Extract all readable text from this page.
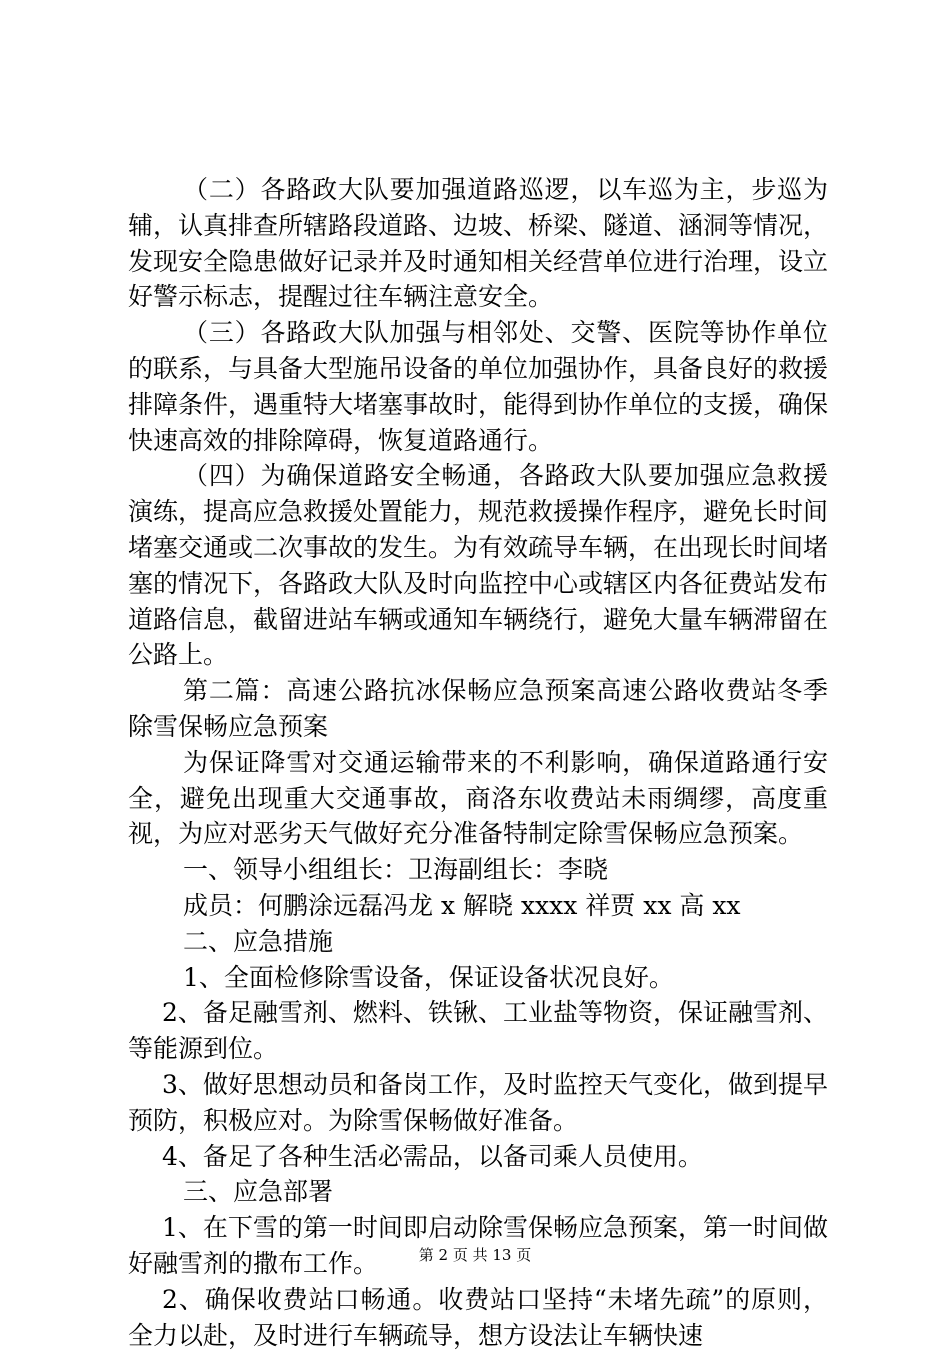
（二）各路政大队要加强道路巡逻，以车巡为主，步巡为辅，认真排查所辖路段道路、边坡、桥梁、隧道、涵洞等情况，发现安全隐患做好记录并及时通知相关经营单位进行治理，设立好警示标志，提醒过往车辆注意安全。

（三）各路政大队加强与相邻处、交警、医院等协作单位的联系，与具备大型施吊设备的单位加强协作，具备良好的救援排障条件，遇重特大堵塞事故时，能得到协作单位的支援，确保快速高效的排除障碍，恢复道路通行。

（四）为确保道路安全畅通，各路政大队要加强应急救援演练，提高应急救援处置能力，规范救援操作程序，避免长时间堵塞交通或二次事故的发生。为有效疏导车辆，在出现长时间堵塞的情况下，各路政大队及时向监控中心或辖区内各征费站发布道路信息，截留进站车辆或通知车辆绕行，避免大量车辆滞留在公路上。

第二篇：高速公路抗冰保畅应急预案高速公路收费站冬季除雪保畅应急预案

为保证降雪对交通运输带来的不利影响，确保道路通行安全，避免出现重大交通事故，商洛东收费站未雨绸缪，高度重视，为应对恶劣天气做好充分准备特制定除雪保畅应急预案。

一、领导小组组长：卫海副组长：李晓

成员：何鹏涂远磊冯龙 x 解晓 xxxx 祥贾 xx 高 xx

二、应急措施

1、全面检修除雪设备，保证设备状况良好。

2、备足融雪剂、燃料、铁锹、工业盐等物资，保证融雪剂、等能源到位。

3、做好思想动员和备岗工作，及时监控天气变化，做到提早预防，积极应对。为除雪保畅做好准备。

4、备足了各种生活必需品，以备司乘人员使用。

三、应急部署

1、在下雪的第一时间即启动除雪保畅应急预案，第一时间做好融雪剂的撒布工作。

2、确保收费站口畅通。收费站口坚持“未堵先疏”的原则，全力以赴，及时进行车辆疏导，想方设法让车辆快速

第 2 页 共 13 页
